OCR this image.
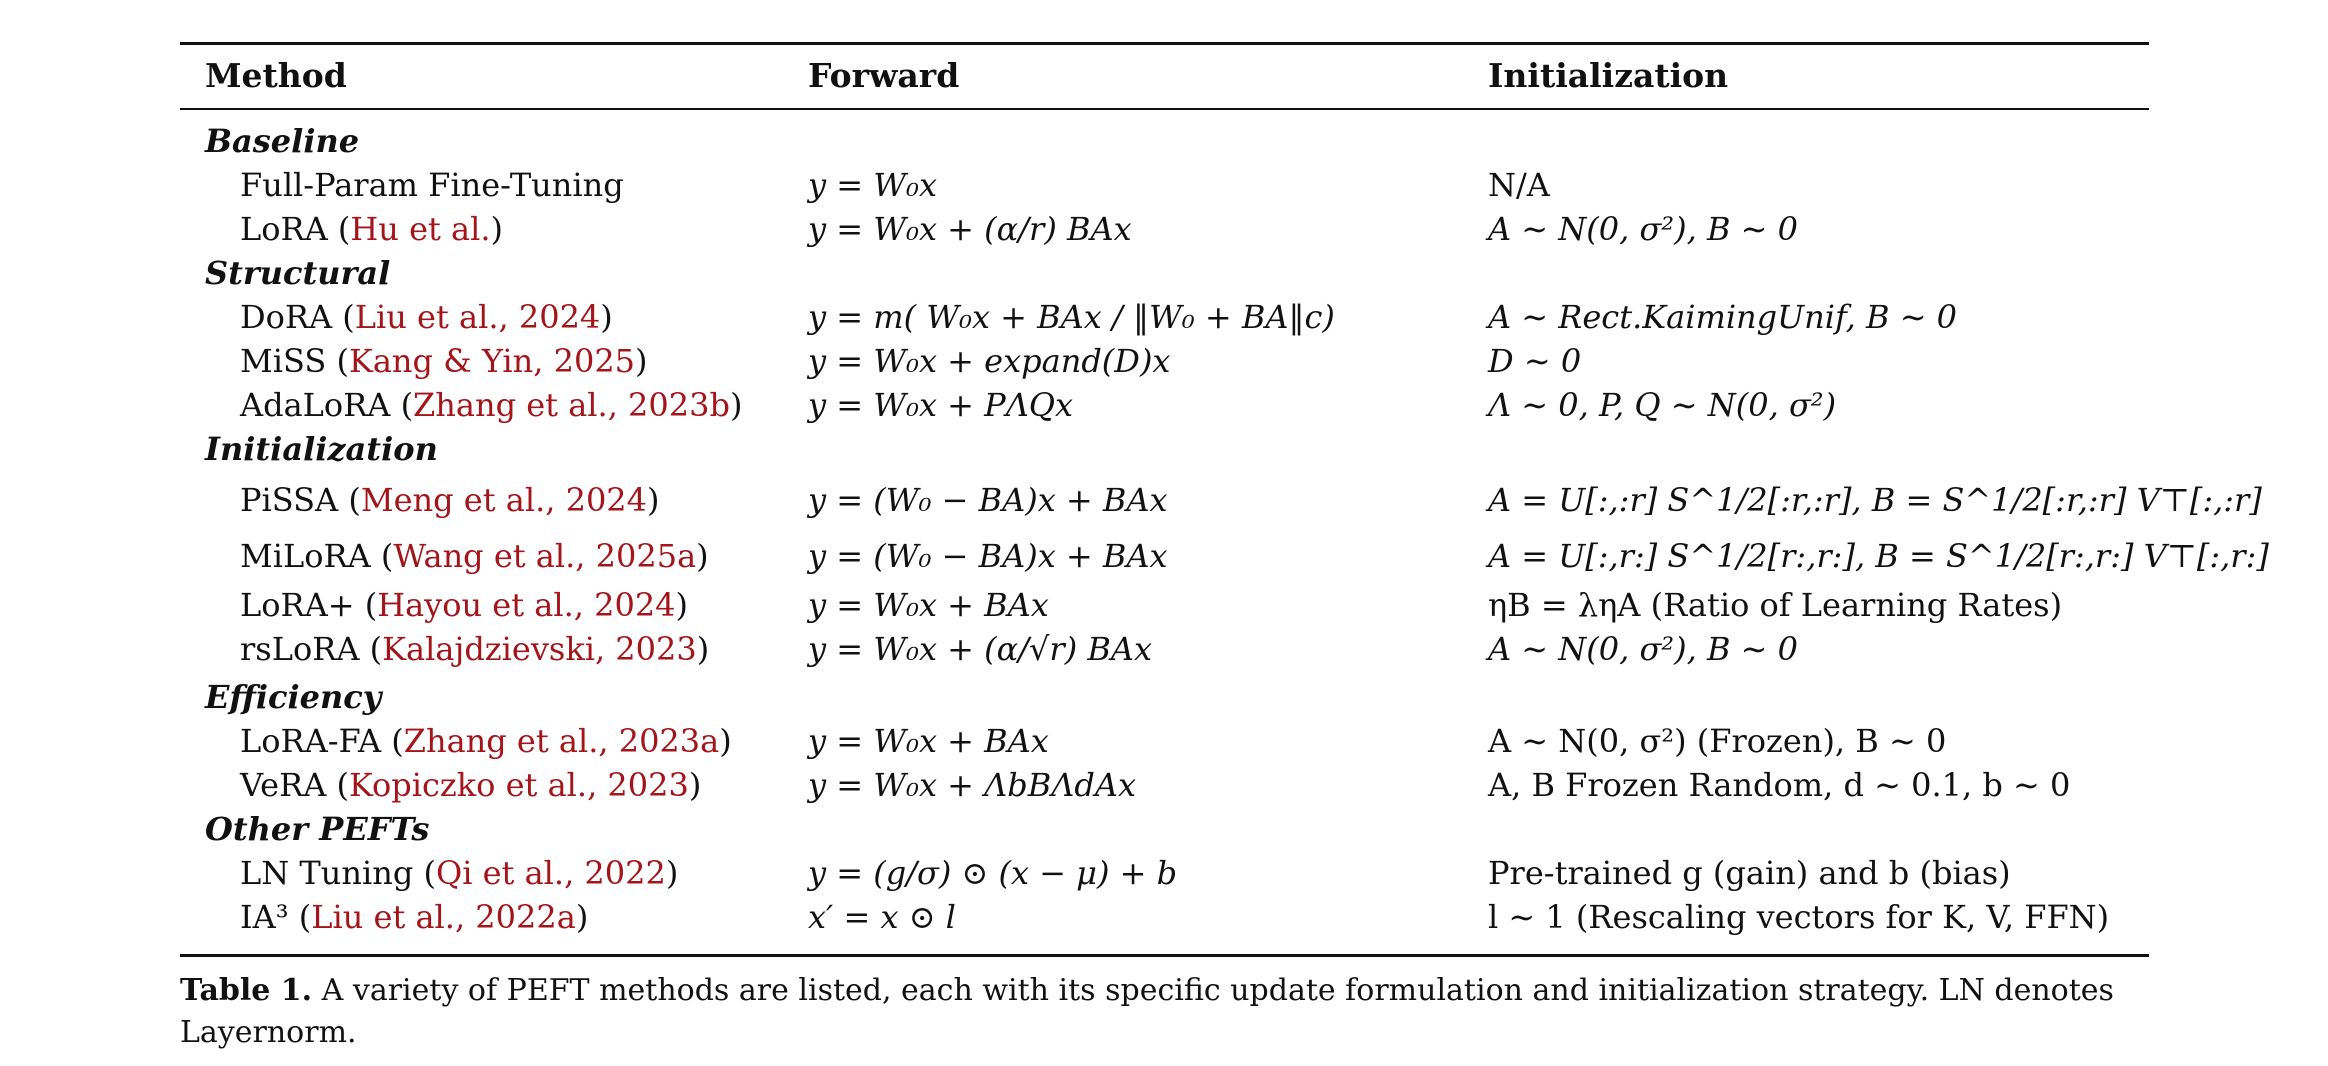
Method	Forward	Initialization
Baseline
Full-Param Fine-Tuning	y = W₀x	N/A
LoRA (Hu et al.)	y = W₀x + (α/r) BAx	A ∼ N(0, σ²), B ∼ 0
Structural
DoRA (Liu et al., 2024)	y = m( W₀x + BAx / ‖W₀ + BA‖c)	A ∼ Rect.KaimingUnif, B ∼ 0
MiSS (Kang & Yin, 2025)	y = W₀x + expand(D)x	D ∼ 0
AdaLoRA (Zhang et al., 2023b) y = W₀x + PΛQx	Λ ∼ 0, P, Q ∼ N(0, σ²)
Initialization
PiSSA (Meng et al., 2024)	y = (W₀ − BA)x + BAx	A = U[:,:r] S^1/2[:r,:r], B = S^1/2[:r,:r] V⊤[:,:r]
MiLoRA (Wang et al., 2025a)	y = (W₀ − BA)x + BAx	A = U[:,r:] S^1/2[r:,r:], B = S^1/2[r:,r:] V⊤[:,r:]
LoRA+ (Hayou et al., 2024)	y = W₀x + BAx	ηB = ληA (Ratio of Learning Rates)
rsLoRA (Kalajdzievski, 2023)	y = W₀x + (α/√r) BAx	A ∼ N(0, σ²), B ∼ 0
Efficiency
LoRA-FA (Zhang et al., 2023a) y = W₀x + BAx	A ∼ N(0, σ²) (Frozen), B ∼ 0
VeRA (Kopiczko et al., 2023)	y = W₀x + ΛbBΛdAx	A, B Frozen Random, d ∼ 0.1, b ∼ 0
Other PEFTs
LN Tuning (Qi et al., 2022)	y = (g/σ) ⊙ (x − μ) + b	Pre-trained g (gain) and b (bias)
IA³ (Liu et al., 2022a)	x′ = x ⊙ l	l ∼ 1 (Rescaling vectors for K, V, FFN)
Table 1. A variety of PEFT methods are listed, each with its specific update formulation and initialization strategy. LN denotes Layernorm.
